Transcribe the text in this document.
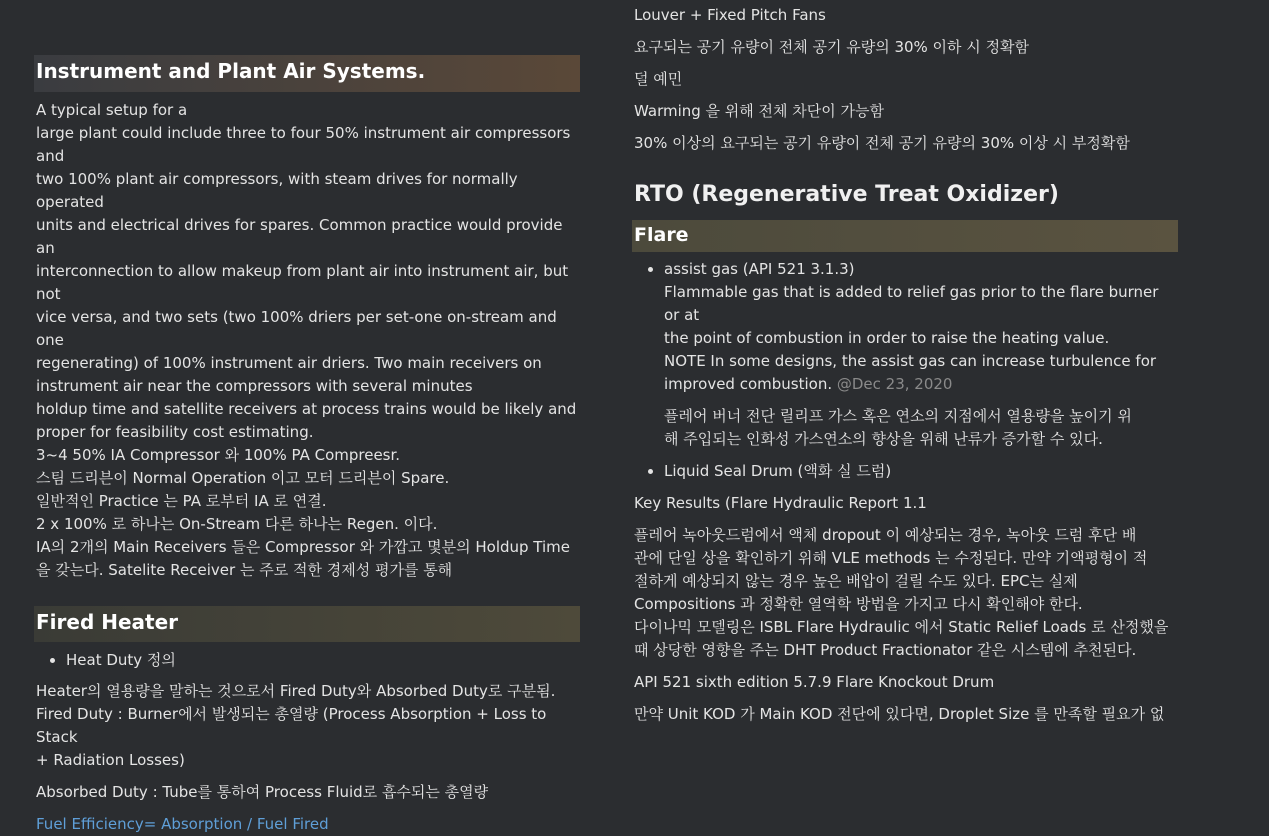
Instrument and Plant Air Systems.

A typical setup for a

large plant could include three to four 50% instrument air compressors and

two 100% plant air compressors, with steam drives for normally operated

units and electrical drives for spares. Common practice would provide an

interconnection to allow makeup from plant air into instrument air, but not

vice versa, and two sets (two 100% driers per set-one on-stream and one

regenerating) of 100% instrument air driers. Two main receivers on

instrument air near the compressors with several minutes

holdup time and satellite receivers at process trains would be likely and

proper for feasibility cost estimating.

3~4 50% IA Compressor 와 100% PA Compreesr.

스팀 드리븐이 Normal Operation 이고 모터 드리븐이 Spare.

일반적인 Practice 는 PA 로부터 IA 로 연결.

2 x 100% 로 하나는 On-Stream 다른 하나는 Regen. 이다.

IA의 2개의 Main Receivers 들은 Compressor 와 가깝고 몇분의 Holdup Time

을 갖는다. Satelite Receiver 는 주로 적한 경제성 평가를 통해

Fired Heater
• Heat Duty 정의

Heater의 열용량을 말하는 것으로서 Fired Duty와 Absorbed Duty로 구분됨.

Fired Duty : Burner에서 발생되는 총열량 (Process Absorption + Loss to Stack

+ Radiation Losses)

Absorbed Duty : Tube를 통하여 Process Fluid로 흡수되는 총열량

Fuel Efficiency= Absorption / Fuel Fired

Louver + Fixed Pitch Fans

요구되는 공기 유량이 전체 공기 유량의 30% 이하 시 정확함

덜 예민

Warming 을 위해 전체 차단이 가능함

30% 이상의 요구되는 공기 유량이 전체 공기 유량의 30% 이상 시 부정확함

RTO (Regenerative Treat Oxidizer)

Flare
• assist gas (API 521 3.1.3)
Flammable gas that is added to relief gas prior to the flare burner or at
the point of combustion in order to raise the heating value.
NOTE In some designs, the assist gas can increase turbulence for
improved combustion. @Dec 23, 2020
플레어 버너 전단 릴리프 가스 혹은 연소의 지점에서 열용량을 높이기 위
해 주입되는 인화성 가스연소의 향상을 위해 난류가 증가할 수 있다.
• Liquid Seal Drum (액화 실 드럼)

Key Results (Flare Hydraulic Report 1.1

플레어 녹아웃드럼에서 액체 dropout 이 예상되는 경우, 녹아웃 드럼 후단 배

관에 단일 상을 확인하기 위해 VLE methods 는 수정된다. 만약 기액평형이 적

절하게 예상되지 않는 경우 높은 배압이 걸릴 수도 있다. EPC는 실제

Compositions 과 정확한 열역학 방법을 가지고 다시 확인해야 한다.

다이나믹 모델링은 ISBL Flare Hydraulic 에서 Static Relief Loads 로 산정했을

때 상당한 영향을 주는 DHT Product Fractionator 같은 시스템에 추천된다.

API 521 sixth edition 5.7.9 Flare Knockout Drum

만약 Unit KOD 가 Main KOD 전단에 있다면, Droplet Size 를 만족할 필요가 없
